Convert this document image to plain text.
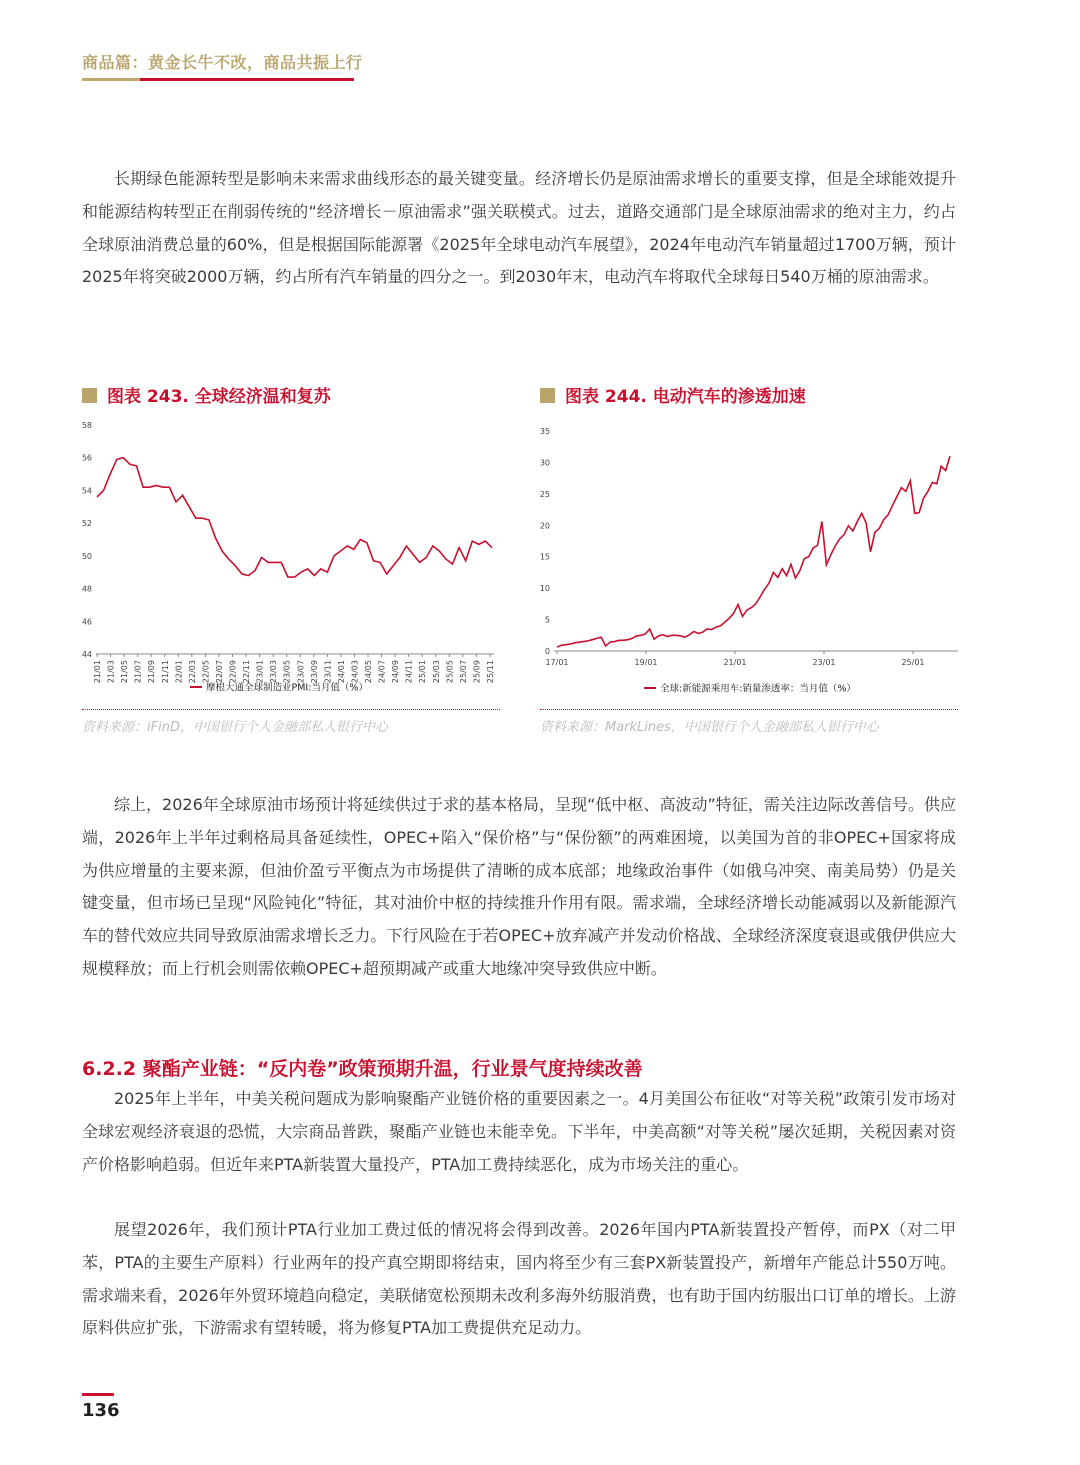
商品篇：黄金长牛不改，商品共振上行

长期绿色能源转型是影响未来需求曲线形态的最关键变量。经济增长仍是原油需求增长的重要支撑，但是全球能效提升和能源结构转型正在削弱传统的“经济增长－原油需求”强关联模式。过去，道路交通部门是全球原油需求的绝对主力，约占全球原油消费总量的60%，但是根据国际能源署《2025年全球电动汽车展望》，2024年电动汽车销量超过1700万辆，预计2025年将突破2000万辆，约占所有汽车销量的四分之一。到2030年末，电动汽车将取代全球每日540万桶的原油需求。

图表 243. 全球经济温和复苏
44
46
48
50
52
54
56
58
21/01 21/03 21/05 21/07 21/09 21/11 22/01 22/03 22/05 22/07 22/09 22/11 23/01 23/03 23/05 23/07 23/09 23/11 24/01 24/03 24/05 24/07 24/09 24/11 25/01 25/03 25/05 25/07 25/09 25/11
摩根大通全球制造业PMI:当月值（%）
资料来源：iFinD，中国银行个人金融部私人银行中心
图表 244. 电动汽车的渗透加速
0
5
10
15
20
25
30
35
17/01	19/01	21/01	23/01	25/01
全球:新能源乘用车:销量渗透率：当月值（%）
资料来源：MarkLines，中国银行个人金融部私人银行中心

综上，2026年全球原油市场预计将延续供过于求的基本格局，呈现“低中枢、高波动”特征，需关注边际改善信号。供应端，2026年上半年过剩格局具备延续性，OPEC+陷入“保价格”与“保份额”的两难困境，以美国为首的非OPEC+国家将成为供应增量的主要来源，但油价盈亏平衡点为市场提供了清晰的成本底部；地缘政治事件（如俄乌冲突、南美局势）仍是关键变量，但市场已呈现“风险钝化”特征，其对油价中枢的持续推升作用有限。需求端，全球经济增长动能减弱以及新能源汽车的替代效应共同导致原油需求增长乏力。下行风险在于若OPEC+放弃减产并发动价格战、全球经济深度衰退或俄伊供应大规模释放；而上行机会则需依赖OPEC+超预期减产或重大地缘冲突导致供应中断。

6.2.2 聚酯产业链：“反内卷”政策预期升温，行业景气度持续改善

2025年上半年，中美关税问题成为影响聚酯产业链价格的重要因素之一。4月美国公布征收“对等关税”政策引发市场对全球宏观经济衰退的恐慌，大宗商品普跌，聚酯产业链也未能幸免。下半年，中美高额“对等关税”屡次延期，关税因素对资产价格影响趋弱。但近年来PTA新装置大量投产，PTA加工费持续恶化，成为市场关注的重心。

展望2026年，我们预计PTA行业加工费过低的情况将会得到改善。2026年国内PTA新装置投产暂停，而PX（对二甲苯，PTA的主要生产原料）行业两年的投产真空期即将结束，国内将至少有三套PX新装置投产，新增年产能总计550万吨。需求端来看，2026年外贸环境趋向稳定，美联储宽松预期未改利多海外纺服消费，也有助于国内纺服出口订单的增长。上游原料供应扩张，下游需求有望转暖，将为修复PTA加工费提供充足动力。

136
